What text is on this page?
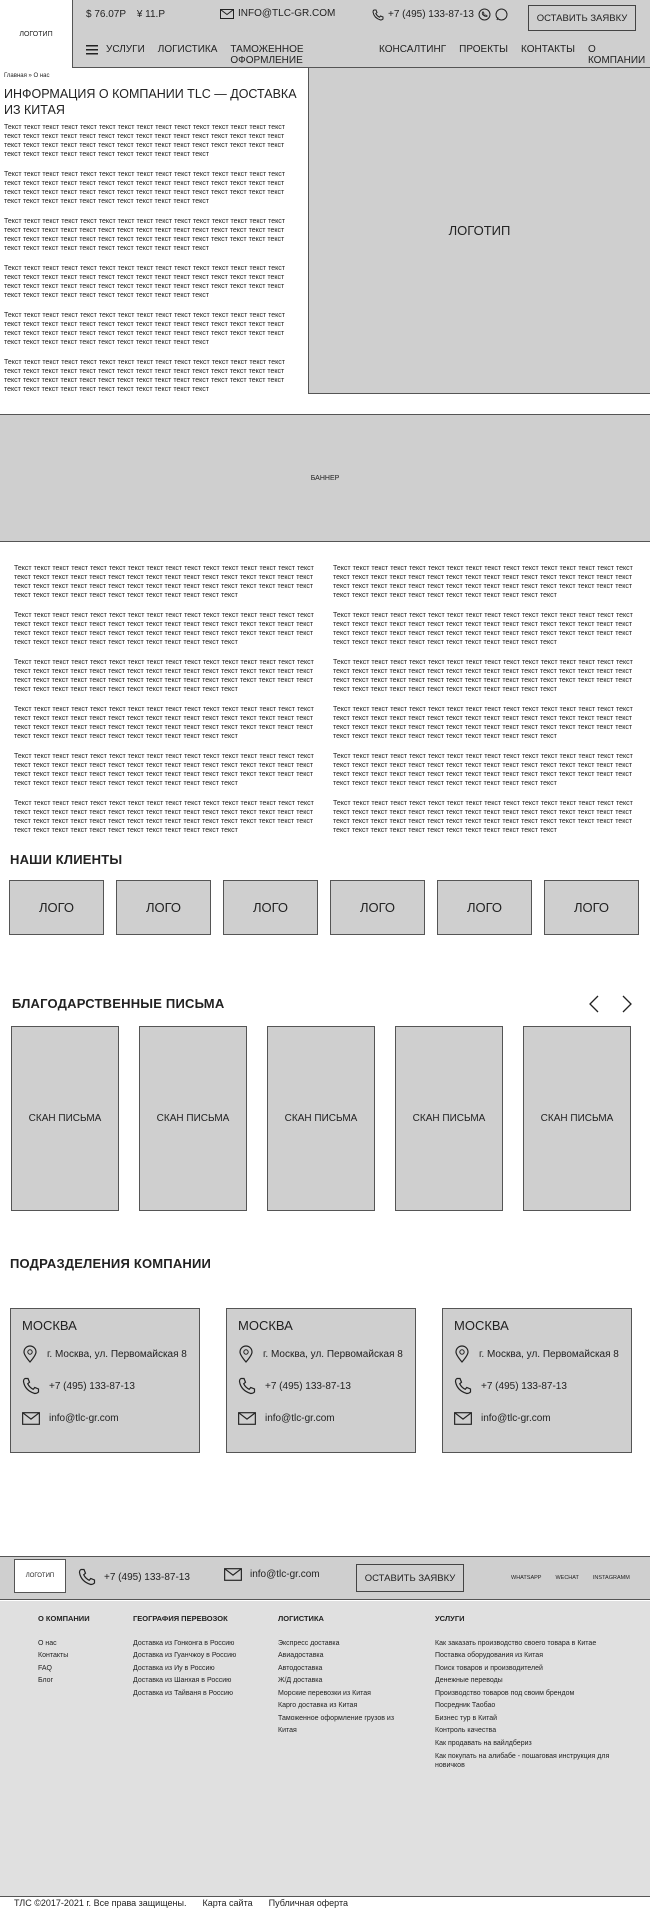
ЛОГОТИП
$ 76.07Р ¥ 11.Р	INFO@TLC-GR.COM	+7 (495) 133-87-13	ОСТАВИТЬ ЗАЯВКУ
УСЛУГИ ЛОГИСТИКА ТАМОЖЕННОЕ ОФОРМЛЕНИЕ
КОНСАЛТИНГ ПРОЕКТЫ КОНТАКТЫ О КОМПАНИИ
Главная » О нас
ИНФОРМАЦИЯ О КОМПАНИИ TLC — ДОСТАВКА ИЗ КИТАЯ

Текст текст текст текст текст текст текст текст текст текст текст текст текст текст текст текст текст текст текст текст текст текст текст текст текст текст текст текст текст текст текст текст текст текст текст текст текст текст текст текст текст текст текст текст текст текст текст текст текст текст текст текст текст текст текст текст

Текст текст текст текст текст текст текст текст текст текст текст текст текст текст текст текст текст текст текст текст текст текст текст текст текст текст текст текст текст текст текст текст текст текст текст текст текст текст текст текст текст текст текст текст текст текст текст текст текст текст текст текст текст текст текст текст

Текст текст текст текст текст текст текст текст текст текст текст текст текст текст текст текст текст текст текст текст текст текст текст текст текст текст текст текст текст текст текст текст текст текст текст текст текст текст текст текст текст текст текст текст текст текст текст текст текст текст текст текст текст текст текст текст

Текст текст текст текст текст текст текст текст текст текст текст текст текст текст текст текст текст текст текст текст текст текст текст текст текст текст текст текст текст текст текст текст текст текст текст текст текст текст текст текст текст текст текст текст текст текст текст текст текст текст текст текст текст текст текст текст

Текст текст текст текст текст текст текст текст текст текст текст текст текст текст текст текст текст текст текст текст текст текст текст текст текст текст текст текст текст текст текст текст текст текст текст текст текст текст текст текст текст текст текст текст текст текст текст текст текст текст текст текст текст текст текст текст

Текст текст текст текст текст текст текст текст текст текст текст текст текст текст текст текст текст текст текст текст текст текст текст текст текст текст текст текст текст текст текст текст текст текст текст текст текст текст текст текст текст текст текст текст текст текст текст текст текст текст текст текст текст текст текст текст

ЛОГОТИП
БАННЕР

Текст текст текст текст текст текст текст текст текст текст текст текст текст текст текст текст текст текст текст текст текст текст текст текст текст текст текст текст текст текст текст текст текст текст текст текст текст текст текст текст текст текст текст текст текст текст текст текст текст текст текст текст текст текст текст текст текст текст текст текст

Текст текст текст текст текст текст текст текст текст текст текст текст текст текст текст текст текст текст текст текст текст текст текст текст текст текст текст текст текст текст текст текст текст текст текст текст текст текст текст текст текст текст текст текст текст текст текст текст текст текст текст текст текст текст текст текст текст текст текст текст

Текст текст текст текст текст текст текст текст текст текст текст текст текст текст текст текст текст текст текст текст текст текст текст текст текст текст текст текст текст текст текст текст текст текст текст текст текст текст текст текст текст текст текст текст текст текст текст текст текст текст текст текст текст текст текст текст текст текст текст текст

Текст текст текст текст текст текст текст текст текст текст текст текст текст текст текст текст текст текст текст текст текст текст текст текст текст текст текст текст текст текст текст текст текст текст текст текст текст текст текст текст текст текст текст текст текст текст текст текст текст текст текст текст текст текст текст текст текст текст текст текст

Текст текст текст текст текст текст текст текст текст текст текст текст текст текст текст текст текст текст текст текст текст текст текст текст текст текст текст текст текст текст текст текст текст текст текст текст текст текст текст текст текст текст текст текст текст текст текст текст текст текст текст текст текст текст текст текст текст текст текст текст

Текст текст текст текст текст текст текст текст текст текст текст текст текст текст текст текст текст текст текст текст текст текст текст текст текст текст текст текст текст текст текст текст текст текст текст текст текст текст текст текст текст текст текст текст текст текст текст текст текст текст текст текст текст текст текст текст текст текст текст текст

Текст текст текст текст текст текст текст текст текст текст текст текст текст текст текст текст текст текст текст текст текст текст текст текст текст текст текст текст текст текст текст текст текст текст текст текст текст текст текст текст текст текст текст текст текст текст текст текст текст текст текст текст текст текст текст текст текст текст текст текст

Текст текст текст текст текст текст текст текст текст текст текст текст текст текст текст текст текст текст текст текст текст текст текст текст текст текст текст текст текст текст текст текст текст текст текст текст текст текст текст текст текст текст текст текст текст текст текст текст текст текст текст текст текст текст текст текст текст текст текст текст

Текст текст текст текст текст текст текст текст текст текст текст текст текст текст текст текст текст текст текст текст текст текст текст текст текст текст текст текст текст текст текст текст текст текст текст текст текст текст текст текст текст текст текст текст текст текст текст текст текст текст текст текст текст текст текст текст текст текст текст текст

Текст текст текст текст текст текст текст текст текст текст текст текст текст текст текст текст текст текст текст текст текст текст текст текст текст текст текст текст текст текст текст текст текст текст текст текст текст текст текст текст текст текст текст текст текст текст текст текст текст текст текст текст текст текст текст текст текст текст текст текст

Текст текст текст текст текст текст текст текст текст текст текст текст текст текст текст текст текст текст текст текст текст текст текст текст текст текст текст текст текст текст текст текст текст текст текст текст текст текст текст текст текст текст текст текст текст текст текст текст текст текст текст текст текст текст текст текст текст текст текст текст

Текст текст текст текст текст текст текст текст текст текст текст текст текст текст текст текст текст текст текст текст текст текст текст текст текст текст текст текст текст текст текст текст текст текст текст текст текст текст текст текст текст текст текст текст текст текст текст текст текст текст текст текст текст текст текст текст текст текст текст текст

НАШИ КЛИЕНТЫ
ЛОГО	ЛОГО	ЛОГО	ЛОГО	ЛОГО	ЛОГО
БЛАГОДАРСТВЕННЫЕ ПИСЬМА
СКАН ПИСЬМА	СКАН ПИСЬМА	СКАН ПИСЬМА	СКАН ПИСЬМА	СКАН ПИСЬМА
ПОДРАЗДЕЛЕНИЯ КОМПАНИИ
МОСКВА
г. Москва, ул. Первомайская 8
+7 (495) 133-87-13
info@tlc-gr.com
МОСКВА
г. Москва, ул. Первомайская 8
+7 (495) 133-87-13
info@tlc-gr.com
МОСКВА
г. Москва, ул. Первомайская 8
+7 (495) 133-87-13
info@tlc-gr.com
ЛОГОТИП	+7 (495) 133-87-13	info@tlc-gr.com	ОСТАВИТЬ ЗАЯВКУ	WHATSAPP	WECHAT	INSTAGRAMM
О КОМПАНИИ
О нас
Контакты
FAQ
Блог
ГЕОГРАФИЯ ПЕРЕВОЗОК
Доставка из Гонконга в Россию
Доставка из Гуанчжоу в Россию
Доставка из Иу в Россию
Доставка из Шанхая в Россию
Доставка из Тайваня в Россию
ЛОГИСТИКА
Экспресс доставка
Авиадоставка
Автодоставка
Ж/Д доставка
Морские перевозки из Китая
Карго доставка из Китая
Таможенное оформление грузов из Китая
УСЛУГИ
Как заказать производство своего товара в Китае
Поставка оборудования из Китая
Поиск товаров и производителей
Денежные переводы
Производство товаров под своим брендом
Посредник Таобао
Бизнес тур в Китай
Контроль качества
Как продавать на вайлдбериз
Как покупать на алибабе - пошаговая инструкция для новичков
ТЛС ©2017-2021 г. Все права защищены. Карта сайта Публичная оферта
